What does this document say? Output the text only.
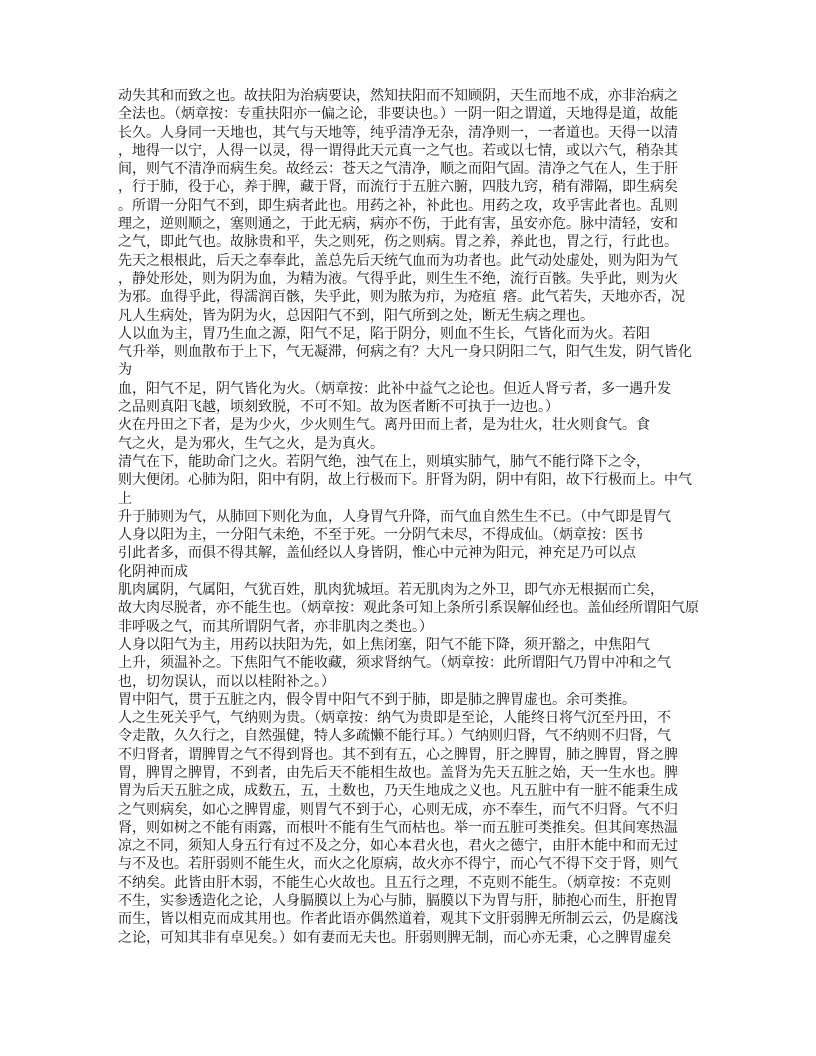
动失其和而致之也。故扶阳为治病要诀，然知扶阳而不知顾阴，天生而地不成，亦非治病之
全法也。（炳章按：专重扶阳亦一偏之论，非要诀也。）一阴一阳之谓道，天地得是道，故能
长久。人身同一天地也，其气与天地等，纯乎清净无杂，清净则一，一者道也。天得一以清
，地得一以宁，人得一以灵，得一谓得此天元真一之气也。若或以七情，或以六气，稍杂其
间，则气不清净而病生矣。故经云：苍天之气清净，顺之而阳气固。清净之气在人，生于肝
，行于肺，役于心，养于脾，藏于肾，而流行于五脏六腑，四肢九窍，稍有滞隔，即生病矣
。所谓一分阳气不到，即生病者此也。用药之补，补此也。用药之攻，攻乎害此者也。乱则
理之，逆则顺之，塞则通之，于此无病，病亦不伤，于此有害，虽安亦危。脉中清轻，安和
之气，即此气也。故脉贵和平，失之则死，伤之则病。胃之养，养此也，胃之行，行此也。
先天之根根此，后天之奉奉此，盖总先后天统气血而为功者也。此气动处虚处，则为阳为气
，静处形处，则为阴为血，为精为液。气得乎此，则生生不绝，流行百骸。失乎此，则为火
为邪。血得乎此，得濡润百骸，失乎此，则为脓为疖，为疮疽  瘩。此气若失，天地亦否，况
凡人生病处，皆为阴为火，总因阳气不到，阳气所到之处，断无生病之理也。
人以血为主，胃乃生血之源，阳气不足，陷于阴分，则血不生长，气皆化而为火。若阳
气升举，则血散布于上下，气无凝滞，何病之有？大凡一身只阴阳二气，阳气生发，阴气皆化
为
血，阳气不足，阴气皆化为火。（炳章按：此补中益气之论也。但近人肾亏者，多一遇升发
之品则真阳飞越，顷刻致脱，不可不知。故为医者断不可执于一边也。）
火在丹田之下者，是为少火，少火则生气。离丹田而上者，是为壮火，壮火则食气。食
气之火，是为邪火，生气之火，是为真火。
清气在下，能助命门之火。若阴气绝，浊气在上，则填实肺气，肺气不能行降下之令，
则大便闭。心肺为阳，阳中有阴，故上行极而下。肝肾为阴，阴中有阳，故下行极而上。中气
上
升于肺则为气，从肺回下则化为血，人身胃气升降，而气血自然生生不已。（中气即是胃气
人身以阳为主，一分阳气未绝，不至于死。一分阴气未尽，不得成仙。（炳章按：医书
引此者多，而俱不得其解，盖仙经以人身皆阴，惟心中元神为阳元，神充足乃可以点
化阴神而成
肌肉属阴，气属阳，气犹百姓，肌肉犹城垣。若无肌肉为之外卫，即气亦无根据而亡矣，
故大肉尽脱者，亦不能生也。（炳章按：观此条可知上条所引系误解仙经也。盖仙经所谓阳气原
非呼吸之气，而其所谓阴气者，亦非肌肉之类也。）
人身以阳气为主，用药以扶阳为先，如上焦闭塞，阳气不能下降，须开豁之，中焦阳气
上升，须温补之。下焦阳气不能收藏，须求肾纳气。（炳章按：此所谓阳气乃胃中冲和之气
也，切勿误认，而以以桂附补之。）
胃中阳气，贯于五脏之内，假令胃中阳气不到于肺，即是肺之脾胃虚也。余可类推。
人之生死关乎气，气纳则为贵。（炳章按：纳气为贵即是至论，人能终日将气沉至丹田，不
令走散，久久行之，自然强健，特人多疏懒不能行耳。）气纳则归肾，气不纳则不归肾，气
不归肾者，谓脾胃之气不得到肾也。其不到有五，心之脾胃，肝之脾胃，肺之脾胃，肾之脾
胃，脾胃之脾胃，不到者，由先后天不能相生故也。盖肾为先天五脏之始，天一生水也。脾
胃为后天五脏之成，成数五，五，土数也，乃天生地成之义也。凡五脏中有一脏不能秉生成
之气则病矣，如心之脾胃虚，则胃气不到于心，心则无成，亦不奉生，而气不归肾。气不归
肾，则如树之不能有雨露，而根叶不能有生气而枯也。举一而五脏可类推矣。但其间寒热温
凉之不同，须知人身五行有过不及之分，如心本君火也，君火之德宁，由肝木能中和而无过
与不及也。若肝弱则不能生火，而火之化原病，故火亦不得宁，而心气不得下交于肾，则气
不纳矣。此皆由肝木弱，不能生心火故也。且五行之理，不克则不能生。（炳章按：不克则
不生，实参透造化之论，人身膈膜以上为心与肺，膈膜以下为胃与肝，肺抱心而生，肝抱胃
而生，皆以相克而成其用也。作者此语亦偶然道着，观其下文肝弱脾无所制云云，仍是腐浅
之论，可知其非有卓见矣。）如有妻而无夫也。肝弱则脾无制，而心亦无秉，心之脾胃虚矣
